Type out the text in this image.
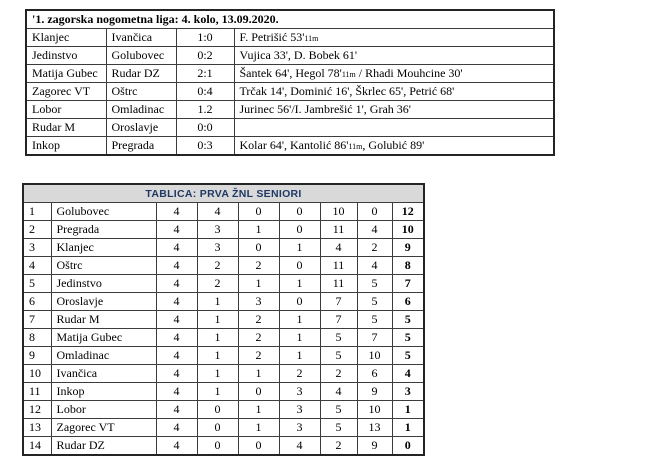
'1. zagorska nogometna liga: 4. kolo, 13.09.2020.			
Klanjec	Ivančica	1:0	F. Petrišić 53'11m
Jedinstvo	Golubovec	0:2	Vujica 33', D. Bobek 61'
Matija Gubec	Rudar DZ	2:1	Šantek 64', Hegol 78'11m / Rhadi Mouhcine 30'
Zagorec VT	Oštrc	0:4	Trčak 14', Dominić 16', Škrlec 65', Petrić 68'
Lobor	Omladinac	1.2	Jurinec 56'/I. Jambrešić 1', Grah 36'
Rudar M	Oroslavje	0:0	
Inkop	Pregrada	0:3	Kolar 64', Kantolić 86'11m, Golubić 89'
TABLICA: PRVA ŽNL SENIORI								
1	Golubovec	4	4	0	0	10	0	12
2	Pregrada	4	3	1	0	11	4	10
3	Klanjec	4	3	0	1	4	2	9
4	Oštrc	4	2	2	0	11	4	8
5	Jedinstvo	4	2	1	1	11	5	7
6	Oroslavje	4	1	3	0	7	5	6
7	Rudar M	4	1	2	1	7	5	5
8	Matija Gubec	4	1	2	1	5	7	5
9	Omladinac	4	1	2	1	5	10	5
10	Ivančica	4	1	1	2	2	6	4
11	Inkop	4	1	0	3	4	9	3
12	Lobor	4	0	1	3	5	10	1
13	Zagorec VT	4	0	1	3	5	13	1
14	Rudar DZ	4	0	0	4	2	9	0
